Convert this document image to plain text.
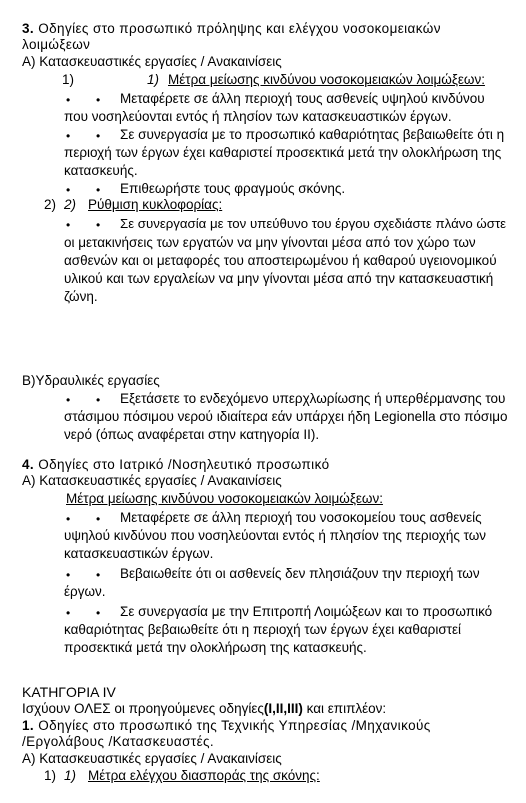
3. Οδηγίες στο προσωπικό πρόληψης και ελέγχου νοσοκομειακών
λοιμώξεων
Α) Κατασκευαστικές εργασίες / Ανακαινίσεις
1)	1) Μέτρα μείωσης κινδύνου νοσοκομειακών λοιμώξεων:
• • Μεταφέρετε σε άλλη περιοχή τους ασθενείς υψηλού κινδύνου
που νοσηλεύονται εντός ή πλησίον των κατασκευαστικών έργων.
• • Σε συνεργασία με το προσωπικό καθαριότητας βεβαιωθείτε ότι η
περιοχή των έργων έχει καθαριστεί προσεκτικά μετά την ολοκλήρωση της
κατασκευής.
• • Επιθεωρήστε τους φραγμούς σκόνης.
2) 2) Ρύθμιση κυκλοφορίας:
• • Σε συνεργασία με τον υπεύθυνο του έργου σχεδιάστε πλάνο ώστε
οι μετακινήσεις των εργατών να μην γίνονται μέσα από τον χώρο των
ασθενών και οι μεταφορές του αποστειρωμένου ή καθαρού υγειονομικού
υλικού και των εργαλείων να μην γίνονται μέσα από την κατασκευαστική
ζώνη.
Β)Υδραυλικές εργασίες
• • Εξετάσετε το ενδεχόμενο υπερχλωρίωσης ή υπερθέρμανσης του
στάσιμου πόσιμου νερού ιδιαίτερα εάν υπάρχει ήδη Legionella στο πόσιμο
νερό (όπως αναφέρεται στην κατηγορία ΙΙ).
4. Οδηγίες στο Ιατρικό /Νοσηλευτικό προσωπικό
Α) Κατασκευαστικές εργασίες / Ανακαινίσεις
Μέτρα μείωσης κινδύνου νοσοκομειακών λοιμώξεων:
• • Μεταφέρετε σε άλλη περιοχή του νοσοκομείου τους ασθενείς
υψηλού κινδύνου που νοσηλεύονται εντός ή πλησίον της περιοχής των
κατασκευαστικών έργων.
• • Βεβαιωθείτε ότι οι ασθενείς δεν πλησιάζουν την περιοχή των
έργων.
• • Σε συνεργασία με την Επιτροπή Λοιμώξεων και το προσωπικό
καθαριότητας βεβαιωθείτε ότι η περιοχή των έργων έχει καθαριστεί
προσεκτικά μετά την ολοκλήρωση της κατασκευής.
ΚΑΤΗΓΟΡΙΑ IV
Ισχύουν ΟΛΕΣ οι προηγούμενες οδηγίες(I,II,III) και επιπλέον:
1. Οδηγίες στο προσωπικό της Τεχνικής Υπηρεσίας /Μηχανικούς
/Εργολάβους /Κατασκευαστές.
Α) Κατασκευαστικές εργασίες / Ανακαινίσεις
1) 1) Μέτρα ελέγχου διασποράς της σκόνης:
